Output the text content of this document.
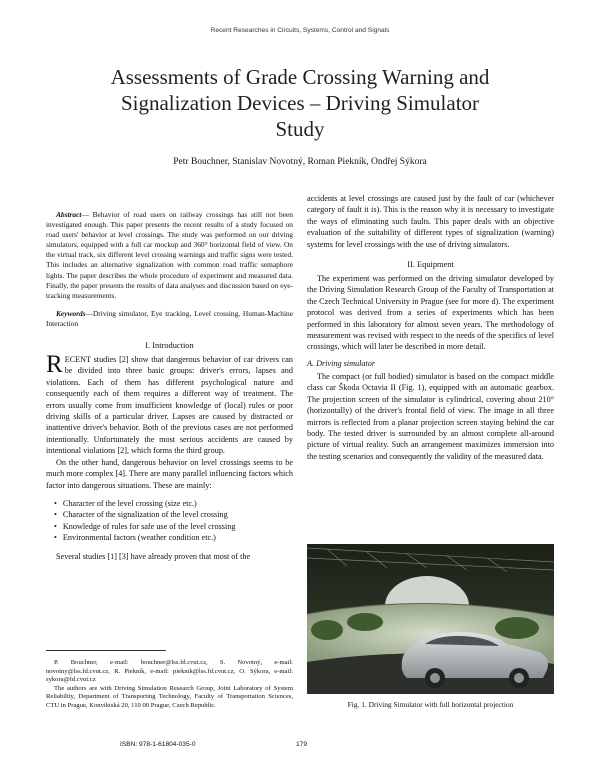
Recent Researches in Circuits, Systems, Control and Signals
Assessments of Grade Crossing Warning and
Signalization Devices – Driving Simulator
Study
Petr Bouchner, Stanislav Novotný, Roman Piekník, Ondřej Sýkora
Abstract— Behavior of road users on railway crossings has still not been investigated enough. This paper presents the recent results of a study focused on road users' behavior at level crossings. The study was performed on our driving simulators, equipped with a full car mockup and 360° horizontal field of view. On the virtual track, six different level crossing warnings and traffic signs were tested. This includes an alternative signalization with common road traffic semaphore lights. The paper describes the whole procedure of experiment and measured data. Finally, the paper presents the results of data analyses and discussion based on eye-tracking measurements.
Keywords—Driving simulator, Eye tracking, Level crossing, Human-Machine Interaction
I. Introduction
RECENT studies [2] show that dangerous behavior of car drivers can be divided into three basic groups: driver's errors, lapses and violations. Each of them has different psychological nature and consequently each of them requires a different way of treatment. The errors usually come from insufficient knowledge of (local) rules or poor driving skills of a particular driver. Lapses are caused by distracted or inattentive driver's behavior. Both of the previous cases are not performed intentionally. Unfortunately the most serious accidents are caused by intentional violations [2], which forms the third group.

On the other hand, dangerous behavior on level crossings seems to be much more complex [4]. There are many parallel influencing factors which factor into dangerous situations. These are mainly:

• Character of the level crossing (size etc.)
• Character of the signalization of the level crossing
• Knowledge of rules for safe use of the level crossing
• Environmental factors (weather condition etc.)

Several studies [1] [3] have already proven that most of the

P. Bouchner, e-mail: bouchner@lss.fd.cvut.cz, S. Novotný, e-mail: novotny@lss.fd.cvut.cz, R. Piekník, e-mail: pieknik@lss.fd.cvut.cz, O. Sýkora, e-mail: sykora@fd.cvut.cz

The authors are with Driving Simulation Research Group, Joint Laboratory of System Reliability, Department of Transporting Technology, Faculty of Transportation Sciences, CTU in Prague, Konviktská 20, 110 00 Prague, Czech Republic.

accidents at level crossings are caused just by the fault of car (whichever category of fault it is). This is the reason why it is necessary to investigate the ways of eliminating such faults. This paper deals with an objective evaluation of the suitability of different types of signalization (warning) systems for level crossings with the use of driving simulators.

II. Equipment

The experiment was performed on the driving simulator developed by the Driving Simulation Research Group of the Faculty of Transportation at the Czech Technical University in Prague (see for more d). The experiment protocol was derived from a series of experiments which has been performed in this laboratory for almost seven years. The methodology of measurement was revised with respect to the needs of the specifics of level crossings, which will later be described in more detail.

A. Driving simulator

The compact (or full bodied) simulator is based on the compact middle class car Škoda Octavia II (Fig. 1), equipped with an automatic gearbox. The projection screen of the simulator is cylindrical, covering about 210° (horizontally) of the driver's frontal field of view. The image in all three mirrors is reflected from a planar projection screen staying behind the car body. The tested driver is surrounded by an almost complete all-around picture of virtual reality. Such an arrangement maximizes immersion into the testing scenarios and consequently the validity of the measured data.

Fig. 1. Driving Simulator with full horizontal projection
ISBN: 978-1-61804-035-0	179
